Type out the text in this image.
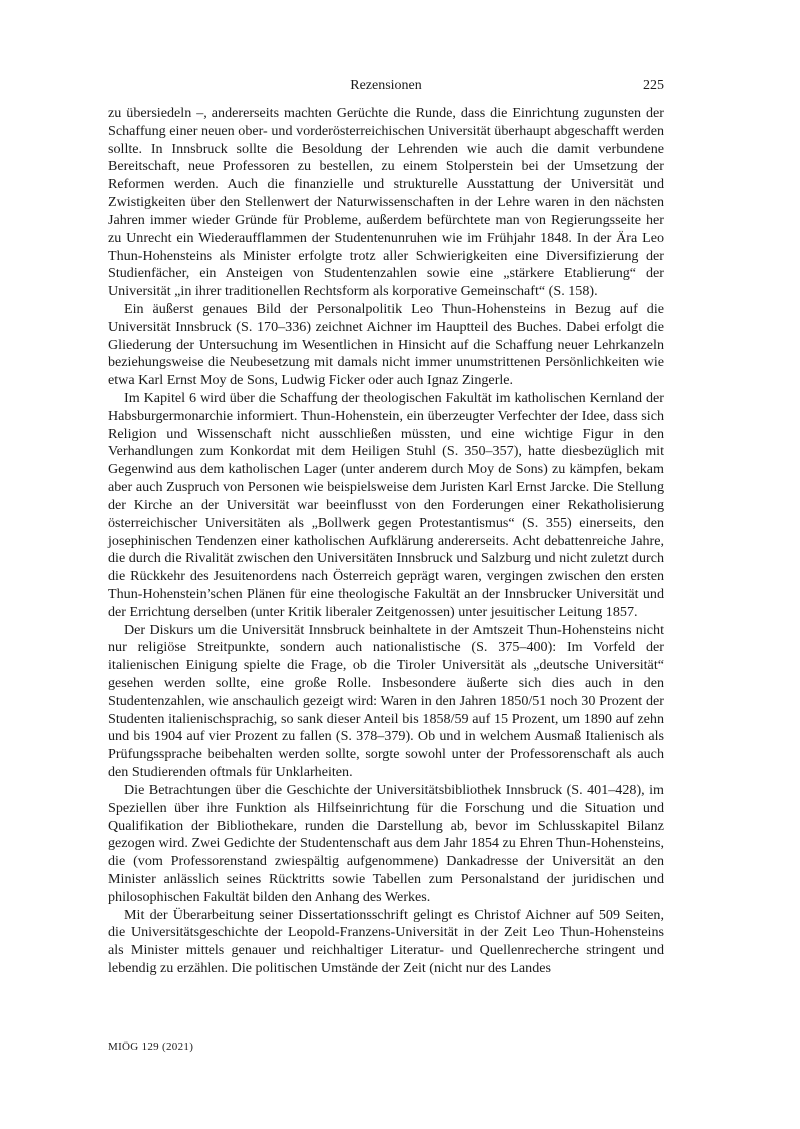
Rezensionen	225

zu übersiedeln –, andererseits machten Gerüchte die Runde, dass die Einrichtung zugunsten der Schaffung einer neuen ober- und vorderösterreichischen Universität überhaupt abgeschafft werden sollte. In Innsbruck sollte die Besoldung der Lehrenden wie auch die damit verbundene Bereitschaft, neue Professoren zu bestellen, zu einem Stolperstein bei der Umsetzung der Reformen werden. Auch die finanzielle und strukturelle Ausstattung der Universität und Zwistigkeiten über den Stellenwert der Naturwissenschaften in der Lehre waren in den nächsten Jahren immer wieder Gründe für Probleme, außerdem befürchtete man von Regierungsseite her zu Unrecht ein Wiederaufflammen der Studentenunruhen wie im Frühjahr 1848. In der Ära Leo Thun-Hohensteins als Minister erfolgte trotz aller Schwierigkeiten eine Diversifizierung der Studienfächer, ein Ansteigen von Studentenzahlen sowie eine „stärkere Etablierung“ der Universität „in ihrer traditionellen Rechtsform als korporative Gemeinschaft“ (S. 158).

Ein äußerst genaues Bild der Personalpolitik Leo Thun-Hohensteins in Bezug auf die Universität Innsbruck (S. 170–336) zeichnet Aichner im Hauptteil des Buches. Dabei erfolgt die Gliederung der Untersuchung im Wesentlichen in Hinsicht auf die Schaffung neuer Lehrkanzeln beziehungsweise die Neubesetzung mit damals nicht immer unumstrittenen Persönlichkeiten wie etwa Karl Ernst Moy de Sons, Ludwig Ficker oder auch Ignaz Zingerle.

Im Kapitel 6 wird über die Schaffung der theologischen Fakultät im katholischen Kernland der Habsburgermonarchie informiert. Thun-Hohenstein, ein überzeugter Verfechter der Idee, dass sich Religion und Wissenschaft nicht ausschließen müssten, und eine wichtige Figur in den Verhandlungen zum Konkordat mit dem Heiligen Stuhl (S. 350–357), hatte diesbezüglich mit Gegenwind aus dem katholischen Lager (unter anderem durch Moy de Sons) zu kämpfen, bekam aber auch Zuspruch von Personen wie beispielsweise dem Juristen Karl Ernst Jarcke. Die Stellung der Kirche an der Universität war beeinflusst von den Forderungen einer Rekatholisierung österreichischer Universitäten als „Bollwerk gegen Protestantismus“ (S. 355) einerseits, den josephinischen Tendenzen einer katholischen Aufklärung andererseits. Acht debattenreiche Jahre, die durch die Rivalität zwischen den Universitäten Innsbruck und Salzburg und nicht zuletzt durch die Rückkehr des Jesuitenordens nach Österreich geprägt waren, vergingen zwischen den ersten Thun-Hohenstein’schen Plänen für eine theologische Fakultät an der Innsbrucker Universität und der Errichtung derselben (unter Kritik liberaler Zeitgenossen) unter jesuitischer Leitung 1857.

Der Diskurs um die Universität Innsbruck beinhaltete in der Amtszeit Thun-Hohensteins nicht nur religiöse Streitpunkte, sondern auch nationalistische (S. 375–400): Im Vorfeld der italienischen Einigung spielte die Frage, ob die Tiroler Universität als „deutsche Universität“ gesehen werden sollte, eine große Rolle. Insbesondere äußerte sich dies auch in den Studentenzahlen, wie anschaulich gezeigt wird: Waren in den Jahren 1850/51 noch 30 Prozent der Studenten italienischsprachig, so sank dieser Anteil bis 1858/59 auf 15 Prozent, um 1890 auf zehn und bis 1904 auf vier Prozent zu fallen (S. 378–379). Ob und in welchem Ausmaß Italienisch als Prüfungssprache beibehalten werden sollte, sorgte sowohl unter der Professorenschaft als auch den Studierenden oftmals für Unklarheiten.

Die Betrachtungen über die Geschichte der Universitätsbibliothek Innsbruck (S. 401–428), im Speziellen über ihre Funktion als Hilfseinrichtung für die Forschung und die Situation und Qualifikation der Bibliothekare, runden die Darstellung ab, bevor im Schlusskapitel Bilanz gezogen wird. Zwei Gedichte der Studentenschaft aus dem Jahr 1854 zu Ehren Thun-Hohensteins, die (vom Professorenstand zwiespältig aufgenommene) Dankadresse der Universität an den Minister anlässlich seines Rücktritts sowie Tabellen zum Personalstand der juridischen und philosophischen Fakultät bilden den Anhang des Werkes.

Mit der Überarbeitung seiner Dissertationsschrift gelingt es Christof Aichner auf 509 Seiten, die Universitätsgeschichte der Leopold-Franzens-Universität in der Zeit Leo Thun-Hohensteins als Minister mittels genauer und reichhaltiger Literatur- und Quellenrecherche stringent und lebendig zu erzählen. Die politischen Umstände der Zeit (nicht nur des Landes

MIÖG 129 (2021)
